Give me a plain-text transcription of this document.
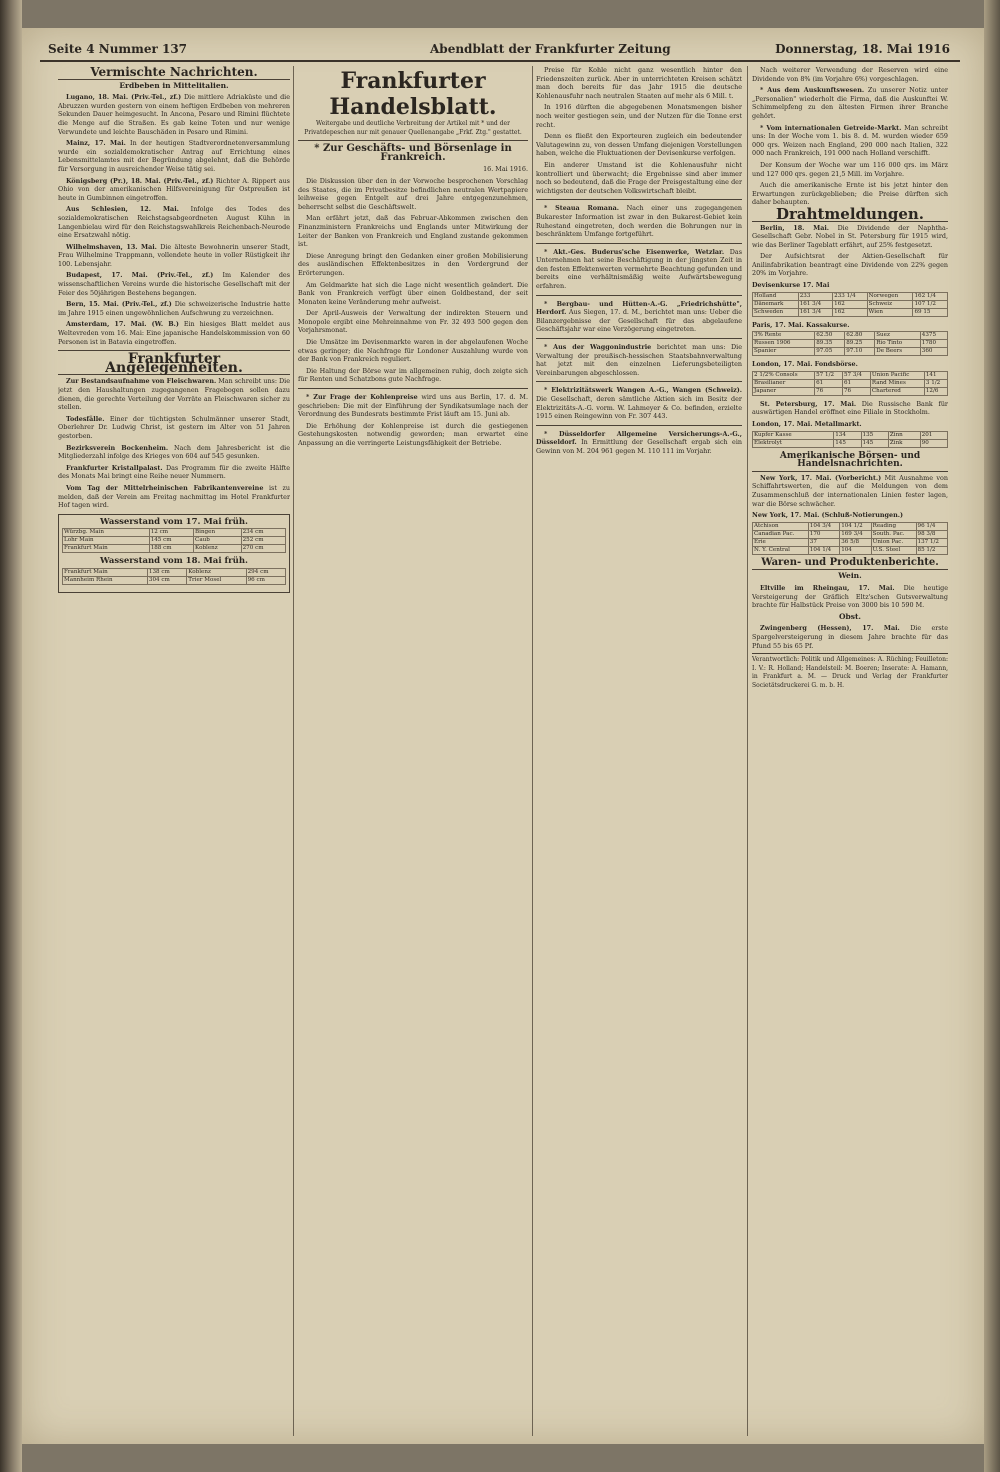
Seite 4 Nummer 137	Abendblatt der Frankfurter Zeitung	Donnerstag, 18. Mai 1916
Vermischte Nachrichten.
Erdbeben in Mittelitalien.

Lugano, 18. Mai. (Priv.-Tel., zf.) Die mittlere Adriaküste und die Abruzzen wurden gestern von einem heftigen Erdbeben von mehreren Sekunden Dauer heimgesucht. In Ancona, Pesaro und Rimini flüchtete die Menge auf die Straßen. Es gab keine Toten und nur wenige Verwundete und leichte Bauschäden in Pesaro und Rimini.

Mainz, 17. Mai. In der heutigen Stadtverordnetenversammlung wurde ein sozialdemokratischer Antrag auf Errichtung eines Lebensmittelamtes mit der Begründung abgelehnt, daß die Behörde für Versorgung in ausreichender Weise tätig sei.

Königsberg (Pr.), 18. Mai. (Priv.-Tel., zf.) Richter A. Rippert aus Ohio von der amerikanischen Hilfsvereinigung für Ostpreußen ist heute in Gumbinnen eingetroffen.

Aus Schlesien, 12. Mai. Infolge des Todes des sozialdemokratischen Reichstagsabgeordneten August Kühn in Langenbielau wird für den Reichstagswahlkreis Reichenbach-Neurode eine Ersatzwahl nötig.

Wilhelmshaven, 13. Mai. Die älteste Bewohnerin unserer Stadt, Frau Wilhelmine Trappmann, vollendete heute in voller Rüstigkeit ihr 100. Lebensjahr.

Budapest, 17. Mai. (Priv.-Tel., zf.) Im Kalender des wissenschaftlichen Vereins wurde die historische Gesellschaft mit der Feier des 50jährigen Bestehens begangen.

Bern, 15. Mai. (Priv.-Tel., zf.) Die schweizerische Industrie hatte im Jahre 1915 einen ungewöhnlichen Aufschwung zu verzeichnen.

Amsterdam, 17. Mai. (W. B.) Ein hiesiges Blatt meldet aus Weltevreden vom 16. Mai: Eine japanische Handelskommission von 60 Personen ist in Batavia eingetroffen.

Frankfurter Angelegenheiten.

Zur Bestandsaufnahme von Fleischwaren. Man schreibt uns: Die jetzt den Haushaltungen zugegangenen Fragebogen sollen dazu dienen, die gerechte Verteilung der Vorräte an Fleischwaren sicher zu stellen.

Todesfälle. Einer der tüchtigsten Schulmänner unserer Stadt, Oberlehrer Dr. Ludwig Christ, ist gestern im Alter von 51 Jahren gestorben.

Bezirksverein Bockenheim. Nach dem Jahresbericht ist die Mitgliederzahl infolge des Krieges von 604 auf 545 gesunken.

Frankfurter Kristallpalast. Das Programm für die zweite Hälfte des Monats Mai bringt eine Reihe neuer Nummern.

Vom Tag der Mittelrheinischen Fabrikantenvereine ist zu melden, daß der Verein am Freitag nachmittag im Hotel Frankfurter Hof tagen wird.

Wasserstand vom 17. Mai früh.
Würzbg. Main	12 cm	Bingen	234 cm
Lohr Main	145 cm	Caub	252 cm
Frankfurt Main	188 cm	Koblenz	270 cm
Wasserstand vom 18. Mai früh.
Frankfurt Main	138 cm	Koblenz	294 cm
Mannheim Rhein	304 cm	Trier Mosel	96 cm
Frankfurter Handelsblatt.
Weitergabe und deutliche Verbreitung der Artikel mit * und der Privatdepeschen nur mit genauer Quellenangabe „Frkf. Ztg." gestattet.
* Zur Geschäfts- und Börsenlage in Frankreich.
16. Mai 1916.

Die Diskussion über den in der Vorwoche besprochenen Vorschlag des Staates, die im Privatbesitze befindlichen neutralen Wertpapiere leihweise gegen Entgelt auf drei Jahre entgegenzunehmen, beherrscht selbst die Geschäftswelt.

Man erfährt jetzt, daß das Februar-Abkommen zwischen den Finanzministern Frankreichs und Englands unter Mitwirkung der Leiter der Banken von Frankreich und England zustande gekommen ist.

Diese Anregung bringt den Gedanken einer großen Mobilisierung des ausländischen Effektenbesitzes in den Vordergrund der Erörterungen.

Am Geldmarkte hat sich die Lage nicht wesentlich geändert. Die Bank von Frankreich verfügt über einen Goldbestand, der seit Monaten keine Veränderung mehr aufweist.

Der April-Ausweis der Verwaltung der indirekten Steuern und Monopole ergibt eine Mehreinnahme von Fr. 32 493 500 gegen den Vorjahrsmonat.

Die Umsätze im Devisenmarkte waren in der abgelaufenen Woche etwas geringer; die Nachfrage für Londoner Auszahlung wurde von der Bank von Frankreich reguliert.

Die Haltung der Börse war im allgemeinen ruhig, doch zeigte sich für Renten und Schatzbons gute Nachfrage.

* Zur Frage der Kohlenpreise wird uns aus Berlin, 17. d. M. geschrieben: Die mit der Einführung der Syndikatsumlage nach der Verordnung des Bundesrats bestimmte Frist läuft am 15. Juni ab.

Die Erhöhung der Kohlenpreise ist durch die gestiegenen Gestehungskosten notwendig geworden; man erwartet eine Anpassung an die verringerte Leistungsfähigkeit der Betriebe.

Preise für Kohle nicht ganz wesentlich hinter den Friedenszeiten zurück. Aber in unterrichteten Kreisen schätzt man doch bereits für das Jahr 1915 die deutsche Kohlenausfuhr nach neutralen Staaten auf mehr als 6 Mill. t.

In 1916 dürften die abgegebenen Monatsmengen bisher noch weiter gestiegen sein, und der Nutzen für die Tonne erst recht.

Denn es fließt den Exporteuren zugleich ein bedeutender Valutagewinn zu, von dessen Umfang diejenigen Vorstellungen haben, welche die Fluktuationen der Devisenkurse verfolgen.

Ein anderer Umstand ist die Kohlenausfuhr nicht kontrolliert und überwacht; die Ergebnisse sind aber immer noch so bedeutend, daß die Frage der Preisgestaltung eine der wichtigsten der deutschen Volkswirtschaft bleibt.

* Steaua Romana. Nach einer uns zugegangenen Bukarester Information ist zwar in den Bukarest-Gebiet kein Ruhestand eingetreten, doch werden die Bohrungen nur in beschränktem Umfange fortgeführt.

* Akt.-Ges. Buderus'sche Eisenwerke, Wetzlar. Das Unternehmen hat seine Beschäftigung in der jüngsten Zeit in den festen Effektenwerten vermehrte Beachtung gefunden und bereits eine verhältnismäßig weite Aufwärtsbewegung erfahren.

* Bergbau- und Hütten-A.-G. „Friedrichshütte", Herdorf. Aus Siegen, 17. d. M., berichtet man uns: Ueber die Bilanzergebnisse der Gesellschaft für das abgelaufene Geschäftsjahr war eine Verzögerung eingetreten.

* Aus der Waggonindustrie berichtet man uns: Die Verwaltung der preußisch-hessischen Staatsbahnverwaltung hat jetzt mit den einzelnen Lieferungsbeteiligten Vereinbarungen abgeschlossen.

* Elektrizitätswerk Wangen A.-G., Wangen (Schweiz). Die Gesellschaft, deren sämtliche Aktien sich im Besitz der Elektrizitäts-A.-G. vorm. W. Lahmeyer & Co. befinden, erzielte 1915 einen Reingewinn von Fr. 307 443.

* Düsseldorfer Allgemeine Versicherungs-A.-G., Düsseldorf. In Ermittlung der Gesellschaft ergab sich ein Gewinn von M. 204 961 gegen M. 110 111 im Vorjahr.

Nach weiterer Verwendung der Reserven wird eine Dividende von 8% (im Vorjahre 6%) vorgeschlagen.

* Aus dem Auskunftswesen. Zu unserer Notiz unter „Personalien" wiederholt die Firma, daß die Auskunftei W. Schimmelpfeng zu den ältesten Firmen ihrer Branche gehört.

* Vom internationalen Getreide-Markt. Man schreibt uns: In der Woche vom 1. bis 8. d. M. wurden wieder 659 000 qrs. Weizen nach England, 290 000 nach Italien, 322 000 nach Frankreich, 191 000 nach Holland verschifft.

Der Konsum der Woche war um 116 000 qrs. im März und 127 000 qrs. gegen 21,5 Mill. im Vorjahre.

Auch die amerikanische Ernte ist bis jetzt hinter den Erwartungen zurückgeblieben; die Preise dürften sich daher behaupten.

Drahtmeldungen.

Berlin, 18. Mai. Die Dividende der Naphtha-Gesellschaft Gebr. Nobel in St. Petersburg für 1915 wird, wie das Berliner Tageblatt erfährt, auf 25% festgesetzt.

Der Aufsichtsrat der Aktien-Gesellschaft für Anilinfabrikation beantragt eine Dividende von 22% gegen 20% im Vorjahre.

Devisenkurse 17. Mai
Holland	233	233 1/4	Norwegen	162 1/4
Dänemark	161 3/4	162	Schweiz	107 1/2
Schweden	161 3/4	162	Wien	69 15
Paris, 17. Mai. Kassakurse.
3% Rente	62.50	62.80	Suez	4375
Russen 1906	89.35	89.25	Rio Tinto	1780
Spanier	97.05	97.10	De Beers	360
London, 17. Mai. Fondsbörse.
2 1/2% Consols	57 1/2	57 3/4	Union Pacific	141
Brasilianer	61	61	Rand Mines	3 1/2
Japaner	76	76	Chartered	12/6

St. Petersburg, 17. Mai. Die Russische Bank für auswärtigen Handel eröffnet eine Filiale in Stockholm.

London, 17. Mai. Metallmarkt.
Kupfer Kasse	134	135	Zinn	201
Elektrolyt	145	145	Zink	90
Amerikanische Börsen- und Handelsnachrichten.

New York, 17. Mai. (Vorbericht.) Mit Ausnahme von Schiffahrtswerten, die auf die Meldungen von dem Zusammenschluß der internationalen Linien fester lagen, war die Börse schwächer.

New York, 17. Mai. (Schluß-Notierungen.)
Atchison	104 3/4	104 1/2	Reading	96 1/4
Canadian Pac.	170	169 3/4	South. Pac.	98 3/8
Erie	37	36 5/8	Union Pac.	137 1/2
N. Y. Central	104 1/4	104	U.S. Steel	85 1/2
Waren- und Produktenberichte.
Wein.

Eltville im Rheingau, 17. Mai. Die heutige Versteigerung der Gräflich Eltz'schen Gutsverwaltung brachte für Halbstück Preise von 3000 bis 10 590 M.

Obst.

Zwingenberg (Hessen), 17. Mai. Die erste Spargelversteigerung in diesem Jahre brachte für das Pfund 55 bis 65 Pf.

Verantwortlich: Politik und Allgemeines: A. Rüching; Feuilleton: I. V.: R. Holland; Handelsteil: M. Boeren; Inserate: A. Hamann, in Frankfurt a. M. — Druck und Verlag der Frankfurter Societätsdruckerei G. m. b. H.
